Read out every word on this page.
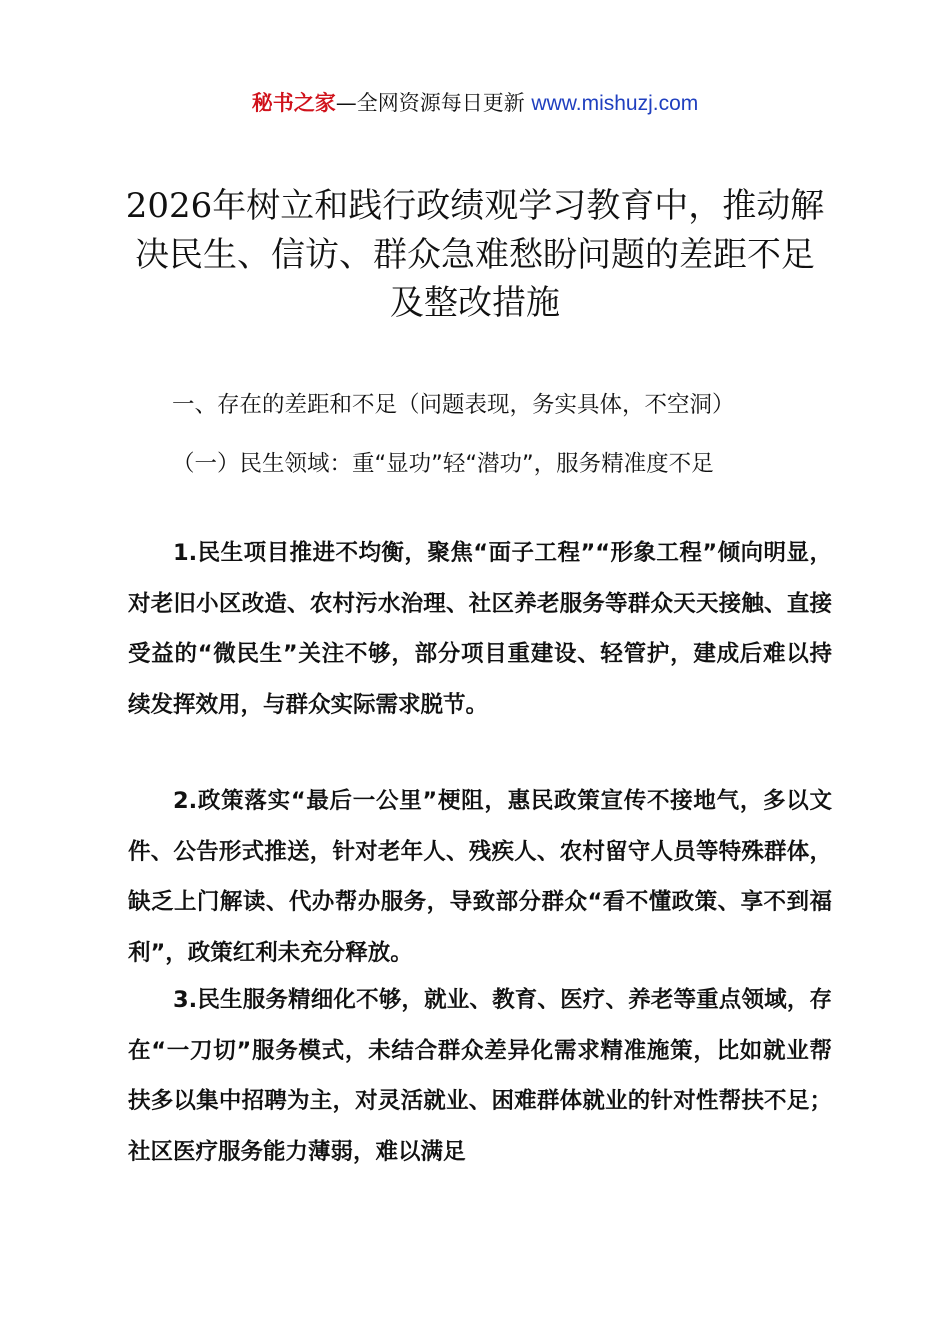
秘书之家—全网资源每日更新 www.mishuzj.com
2026年树立和践行政绩观学习教育中，推动解决民生、信访、群众急难愁盼问题的差距不足及整改措施
一、存在的差距和不足（问题表现，务实具体，不空洞）
（一）民生领域：重“显功”轻“潜功”，服务精准度不足
1.民生项目推进不均衡，聚焦“面子工程”“形象工程”倾向明显，对老旧小区改造、农村污水治理、社区养老服务等群众天天接触、直接受益的“微民生”关注不够，部分项目重建设、轻管护，建成后难以持续发挥效用，与群众实际需求脱节。
2.政策落实“最后一公里”梗阻，惠民政策宣传不接地气，多以文件、公告形式推送，针对老年人、残疾人、农村留守人员等特殊群体，缺乏上门解读、代办帮办服务，导致部分群众“看不懂政策、享不到福利”，政策红利未充分释放。
3.民生服务精细化不够，就业、教育、医疗、养老等重点领域，存在“一刀切”服务模式，未结合群众差异化需求精准施策，比如就业帮扶多以集中招聘为主，对灵活就业、困难群体就业的针对性帮扶不足；社区医疗服务能力薄弱，难以满足
